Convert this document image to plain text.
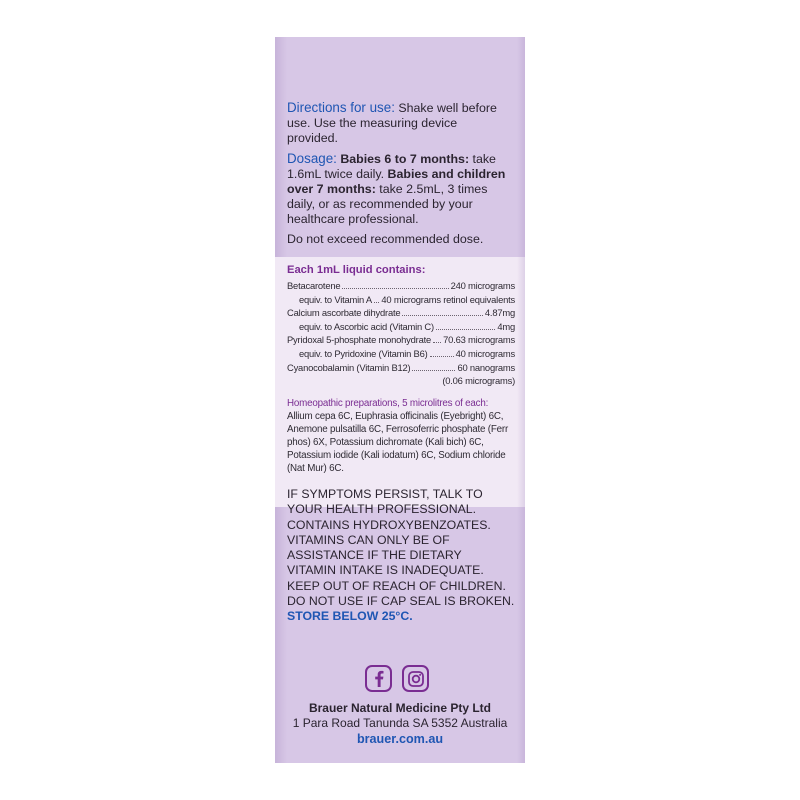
Directions for use: Shake well before use. Use the measuring device provided.

Dosage: Babies 6 to 7 months: take 1.6mL twice daily. Babies and children over 7 months: take 2.5mL, 3 times daily, or as recommended by your healthcare professional.

Do not exceed recommended dose.

Each 1mL liquid contains:
Betacarotene	240 micrograms
equiv. to Vitamin A 40 micrograms retinol equivalents
Calcium ascorbate dihydrate	4.87mg
equiv. to Ascorbic acid (Vitamin C)	4mg
Pyridoxal 5-phosphate monohydrate 70.63 micrograms
equiv. to Pyridoxine (Vitamin B6)	40 micrograms
Cyanocobalamin (Vitamin B12)	60 nanograms
(0.06 micrograms)
Homeopathic preparations, 5 microlitres of each:
Allium cepa 6C, Euphrasia officinalis (Eyebright) 6C, Anemone pulsatilla 6C, Ferrosoferric phosphate (Ferr phos) 6X, Potassium dichromate (Kali bich) 6C, Potassium iodide (Kali iodatum) 6C, Sodium chloride (Nat Mur) 6C.
IF SYMPTOMS PERSIST, TALK TO
YOUR HEALTH PROFESSIONAL.
CONTAINS HYDROXYBENZOATES.
VITAMINS CAN ONLY BE OF
ASSISTANCE IF THE DIETARY
VITAMIN INTAKE IS INADEQUATE.
KEEP OUT OF REACH OF CHILDREN.
DO NOT USE IF CAP SEAL IS BROKEN.
STORE BELOW 25°C.
Brauer Natural Medicine Pty Ltd
1 Para Road Tanunda SA 5352 Australia
brauer.com.au
